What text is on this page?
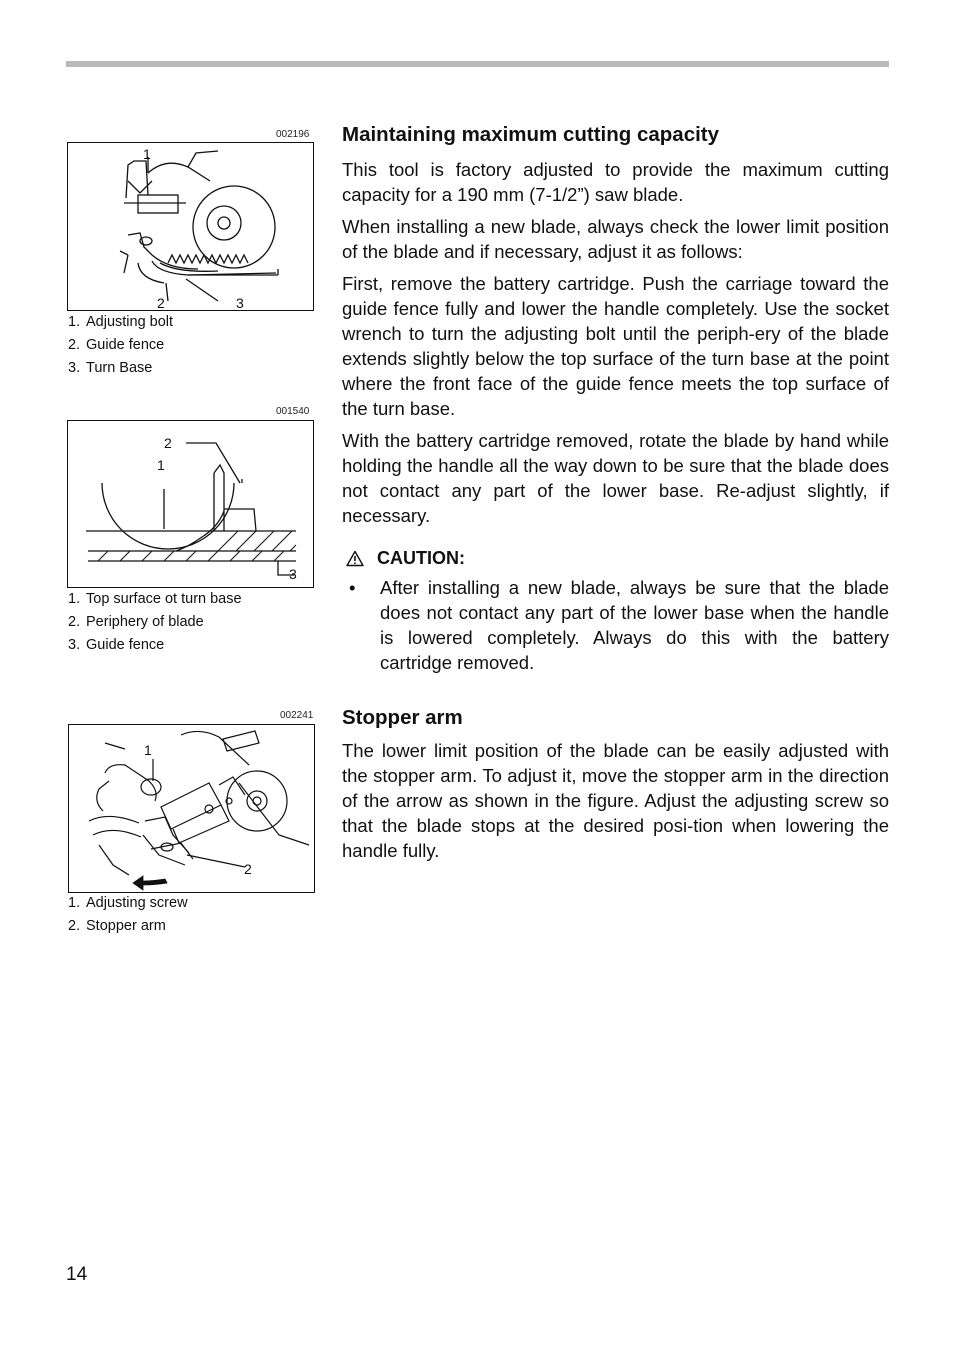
002196
1
2	3
1. Adjusting bolt
2. Guide fence
3. Turn Base
001540
2
1
3
1. Top surface ot turn base
2. Periphery of blade
3. Guide fence
002241
1
2
1. Adjusting screw
2. Stopper arm
Maintaining maximum cutting capacity

This tool is factory adjusted to provide the maximum cutting capacity for a 190 mm (7-1/2”) saw blade.

When installing a new blade, always check the lower limit position of the blade and if necessary, adjust it as follows:

First, remove the battery cartridge. Push the carriage toward the guide fence fully and lower the handle completely. Use the socket wrench to turn the adjusting bolt until the periph-ery of the blade extends slightly below the top surface of the turn base at the point where the front face of the guide fence meets the top surface of the turn base.

With the battery cartridge removed, rotate the blade by hand while holding the handle all the way down to be sure that the blade does not contact any part of the lower base. Re-adjust slightly, if necessary.

CAUTION:
•	After installing a new blade, always be sure that the blade does not contact any part of the lower base when the handle is lowered completely. Always do this with the battery cartridge removed.
Stopper arm

The lower limit position of the blade can be easily adjusted with the stopper arm. To adjust it, move the stopper arm in the direction of the arrow as shown in the figure. Adjust the adjusting screw so that the blade stops at the desired posi-tion when lowering the handle fully.

14
